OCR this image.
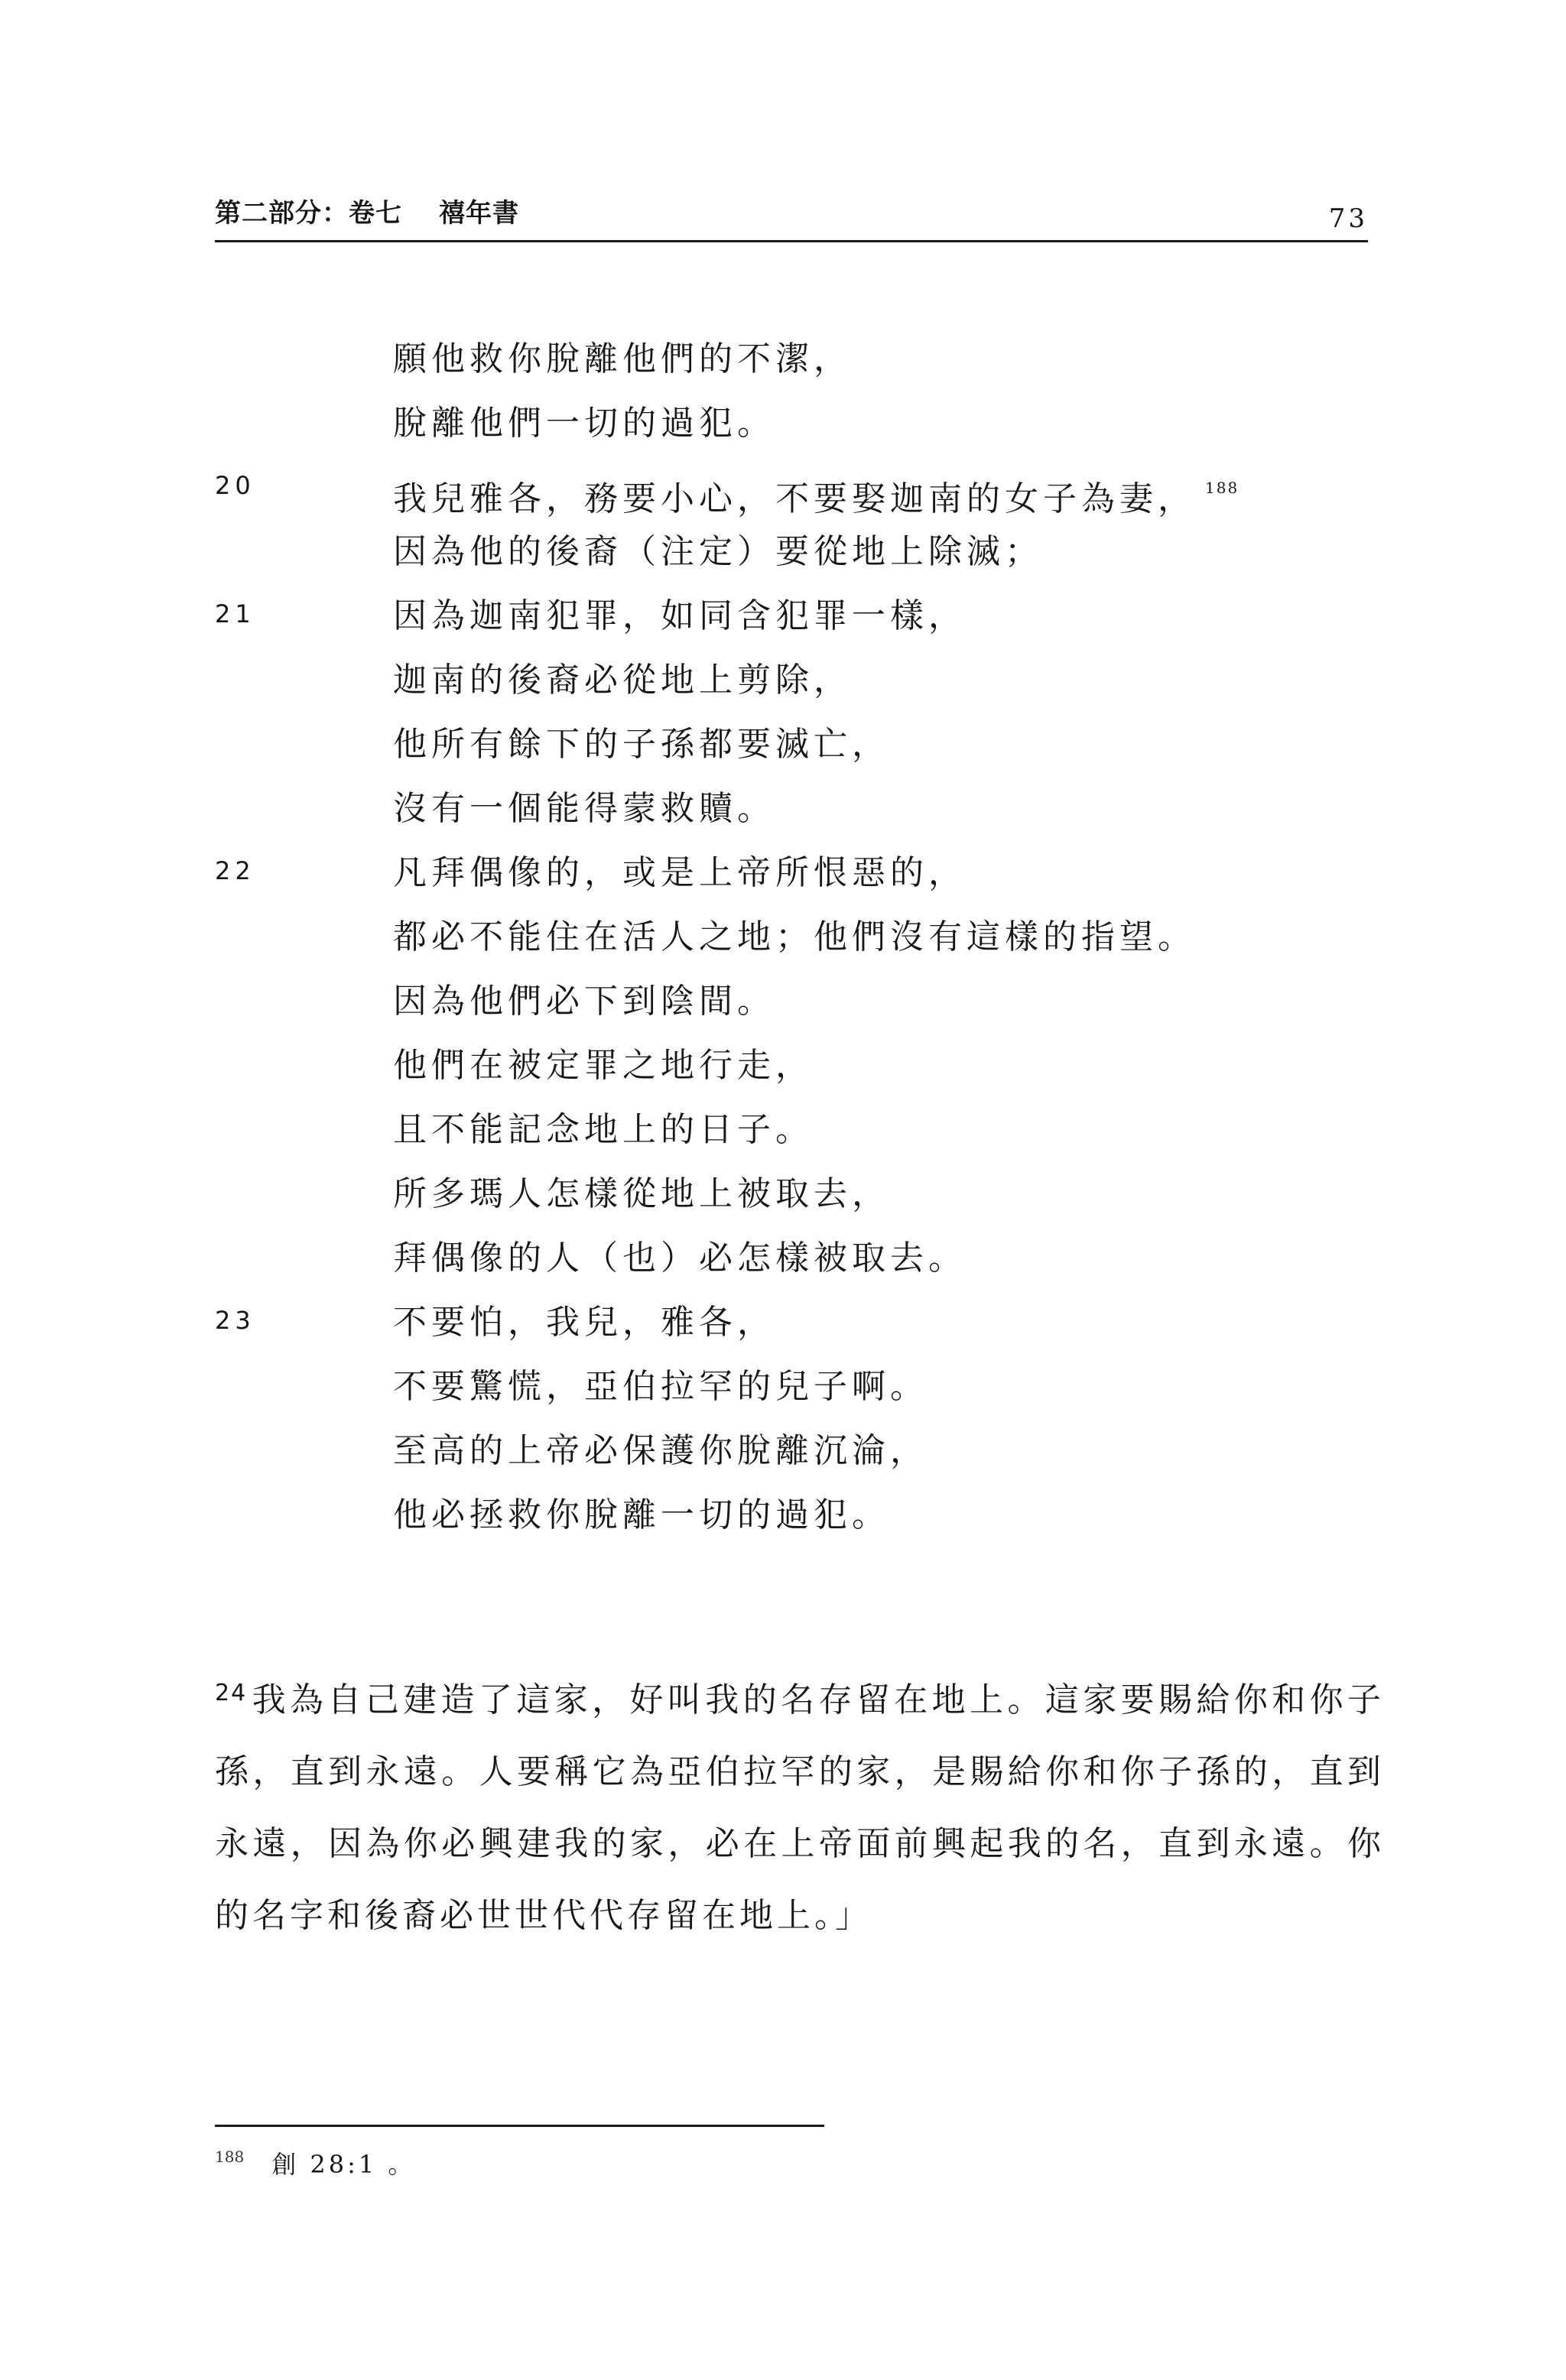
第二部分：卷七 禧年書	73
願他救你脫離他們的不潔，
脫離他們一切的過犯。
20	我兒雅各，務要小心，不要娶迦南的女子為妻， $^{188}$
因為他的後裔（注定）要從地上除滅；
21	因為迦南犯罪，如同含犯罪一樣，
迦南的後裔必從地上剪除，
他所有餘下的子孫都要滅亡，
沒有一個能得蒙救贖。
22	凡拜偶像的，或是上帝所恨惡的，
都必不能住在活人之地；他們沒有這樣的指望。
因為他們必下到陰間。
他們在被定罪之地行走，
且不能記念地上的日子。
所多瑪人怎樣從地上被取去，
拜偶像的人（也）必怎樣被取去。
23	不要怕，我兒，雅各，
不要驚慌，亞伯拉罕的兒子啊。
至高的上帝必保護你脫離沉淪，
他必拯救你脫離一切的過犯。
$^{24}$ 我為自己建造了這家，好叫我的名存留在地上。這家要賜給你和你子孫，直到永遠。人要稱它為亞伯拉罕的家，是賜給你和你子孫的，直到永遠，因為你必興建我的家，必在上帝面前興起我的名，直到永遠。你的名字和後裔必世世代代存留在地上。」
188 創 28:1 。
